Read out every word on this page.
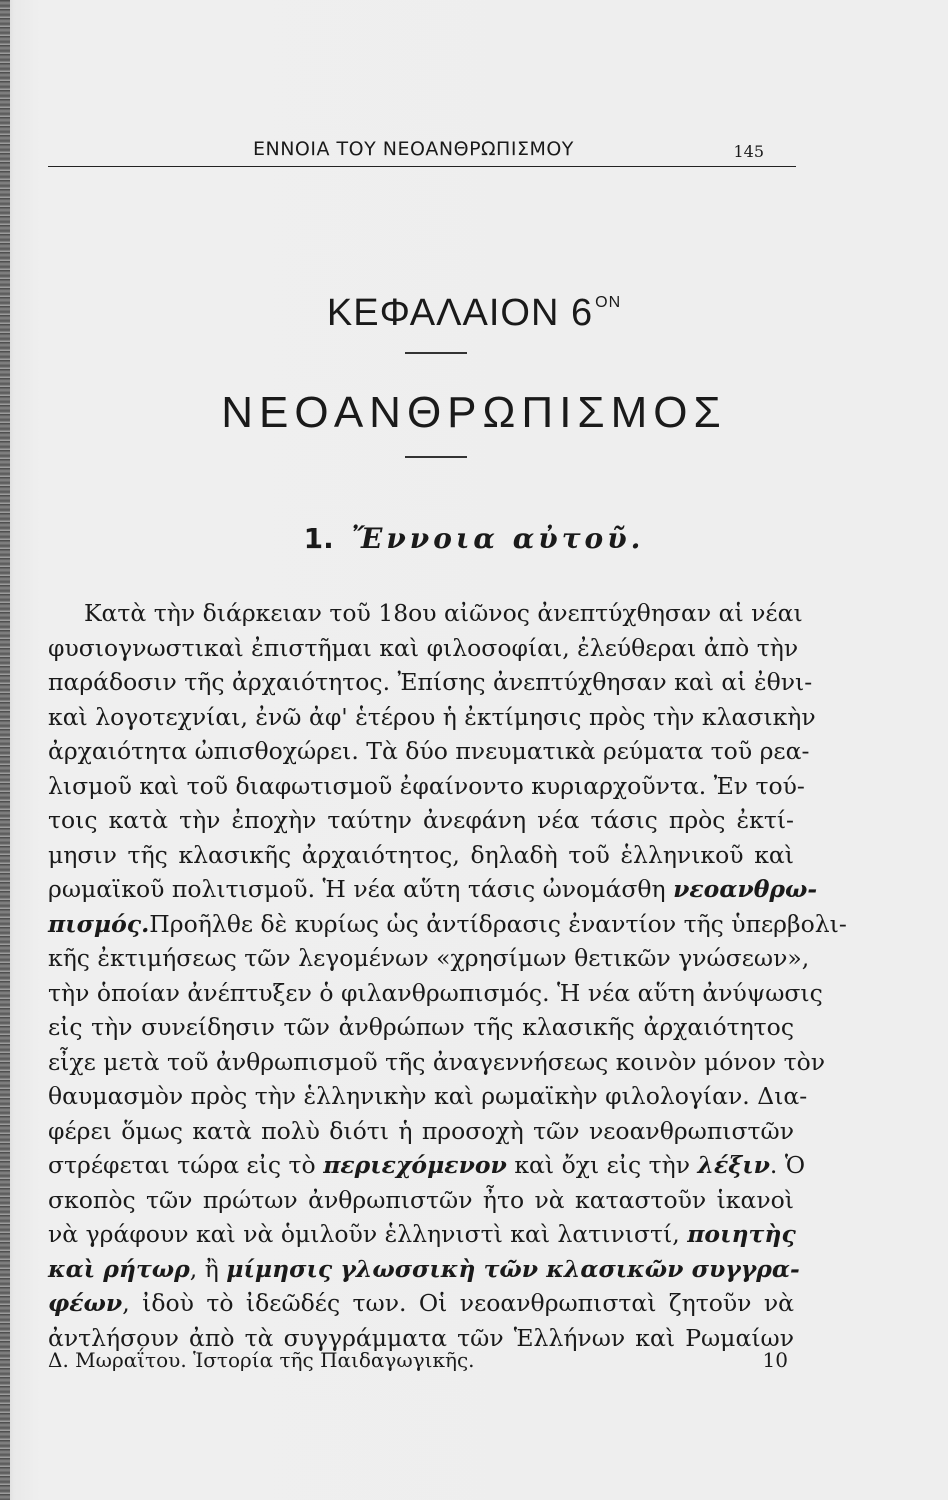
ΕΝΝΟΙΑ ΤΟΥ ΝΕΟΑΝΘΡΩΠΙΣΜΟΥ	145
ΚΕΦΑΛΑΙΟΝ 6 $^{ON}$
ΝΕΟΑΝΘΡΩΠΙΣΜΟΣ
1. Ἔννοια αὐτοῦ.
Κατὰ τὴν διάρκειαν τοῦ 18ου αἰῶνος ἀνεπτύχθησαν αἱ νέαι
φυσιογνωστικαὶ ἐπιστῆμαι καὶ φιλοσοφίαι, ἐλεύθεραι ἀπὸ τὴν
παράδοσιν τῆς ἀρχαιότητος. Ἐπίσης ἀνεπτύχθησαν καὶ αἱ ἐθνι-
καὶ λογοτεχνίαι, ἐνῶ ἀφ' ἑτέρου ἡ ἐκτίμησις πρὸς τὴν κλασικὴν
ἀρχαιότητα ὠπισθοχώρει. Τὰ δύο πνευματικὰ ρεύματα τοῦ ρεα-
λισμοῦ καὶ τοῦ διαφωτισμοῦ ἐφαίνοντο κυριαρχοῦντα. Ἐν τού-
τοις κατὰ τὴν ἐποχὴν ταύτην ἀνεφάνη νέα τάσις πρὸς ἐκτί-
μησιν τῆς κλασικῆς ἀρχαιότητος, δηλαδὴ τοῦ ἑλληνικοῦ καὶ
ρωμαϊκοῦ πολιτισμοῦ. Ἡ νέα αὕτη τάσις ὠνομάσθη νεοανθρω-
πισμός.Προῆλθε δὲ κυρίως ὡς ἀντίδρασις ἐναντίον τῆς ὑπερβολι-
κῆς ἐκτιμήσεως τῶν λεγομένων «χρησίμων θετικῶν γνώσεων»,
τὴν ὁποίαν ἀνέπτυξεν ὁ φιλανθρωπισμός. Ἡ νέα αὕτη ἀνύψωσις
εἰς τὴν συνείδησιν τῶν ἀνθρώπων τῆς κλασικῆς ἀρχαιότητος
εἶχε μετὰ τοῦ ἀνθρωπισμοῦ τῆς ἀναγεννήσεως κοινὸν μόνον τὸν
θαυμασμὸν πρὸς τὴν ἑλληνικὴν καὶ ρωμαϊκὴν φιλολογίαν. Δια-
φέρει ὅμως κατὰ πολὺ διότι ἡ προσοχὴ τῶν νεοανθρωπιστῶν
στρέφεται τώρα εἰς τὸ περιεχόμενον καὶ ὄχι εἰς τὴν λέξιν. Ὁ
σκοπὸς τῶν πρώτων ἀνθρωπιστῶν ἦτο νὰ καταστοῦν ἱκανοὶ
νὰ γράφουν καὶ νὰ ὁμιλοῦν ἑλληνιστὶ καὶ λατινιστί, ποιητὴς
καὶ ρήτωρ, ἢ μίμησις γλωσσικὴ τῶν κλασικῶν συγγρα-
φέων, ἰδοὺ τὸ ἰδεῶδές των. Οἱ νεοανθρωπισταὶ ζητοῦν νὰ
ἀντλήσουν ἀπὸ τὰ συγγράμματα τῶν Ἑλλήνων καὶ Ρωμαίων
Δ. Μωραΐτου. Ἱστορία τῆς Παιδαγωγικῆς.	10
